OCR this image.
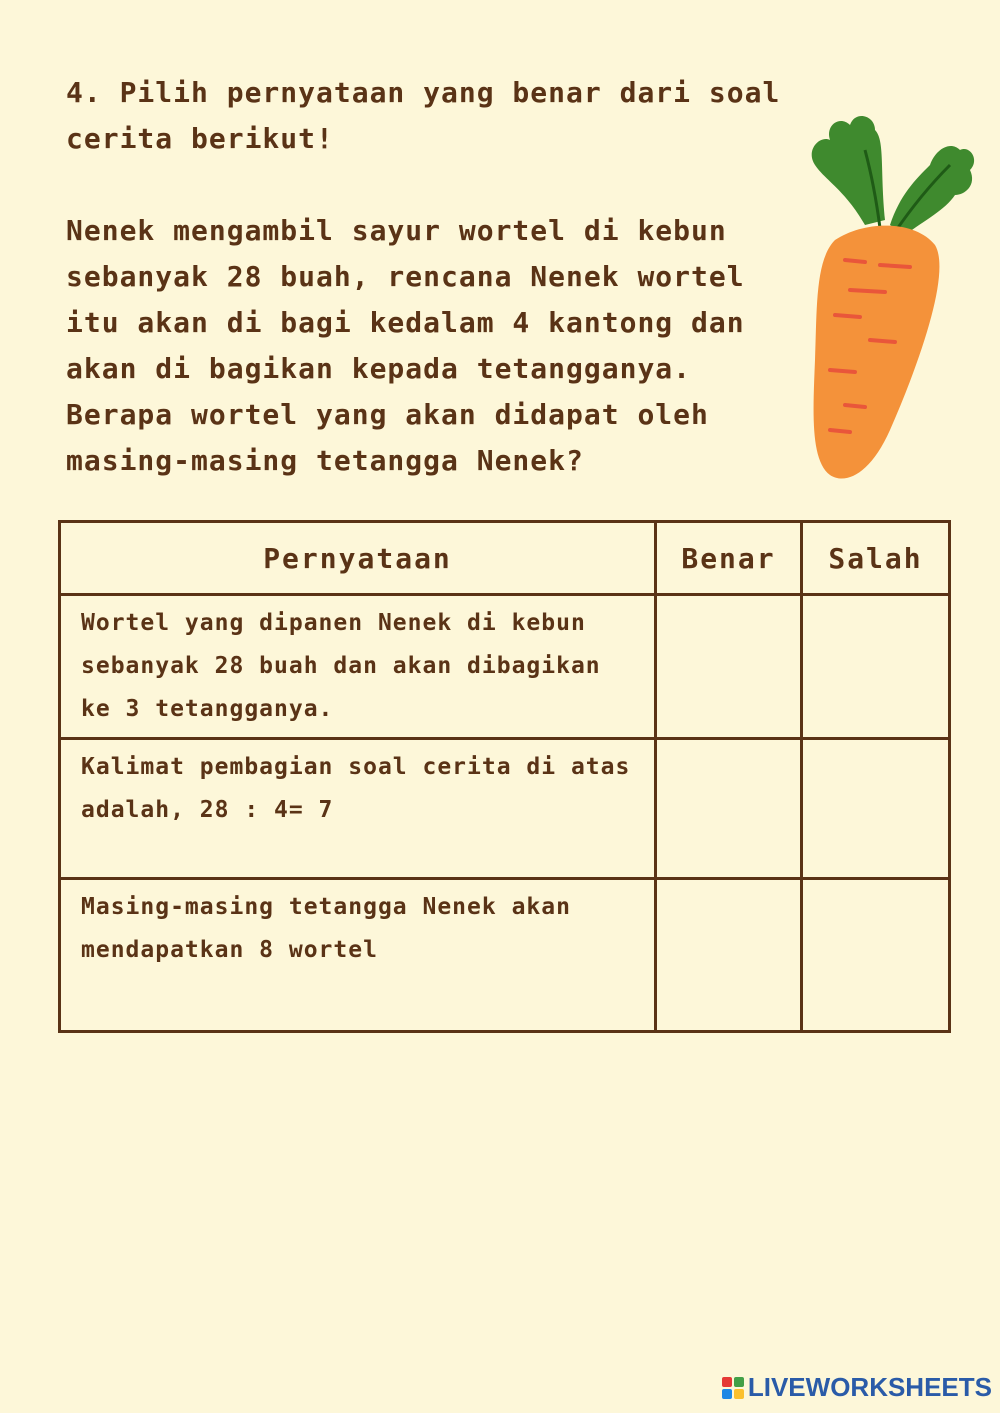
4. Pilih pernyataan yang benar dari soal cerita berikut!

Nenek mengambil sayur wortel di kebun sebanyak 28 buah, rencana Nenek wortel itu akan di bagi kedalam 4 kantong dan akan di bagikan kepada tetangganya. Berapa wortel yang akan didapat oleh masing-masing tetangga Nenek?

Pernyataan	Benar	Salah
Wortel yang dipanen Nenek di kebun sebanyak 28 buah dan akan dibagikan ke 3 tetangganya.		
Kalimat pembagian soal cerita di atas adalah, 28 : 4= 7		
Masing-masing tetangga Nenek akan mendapatkan 8 wortel		
LIVEWORKSHEETS
